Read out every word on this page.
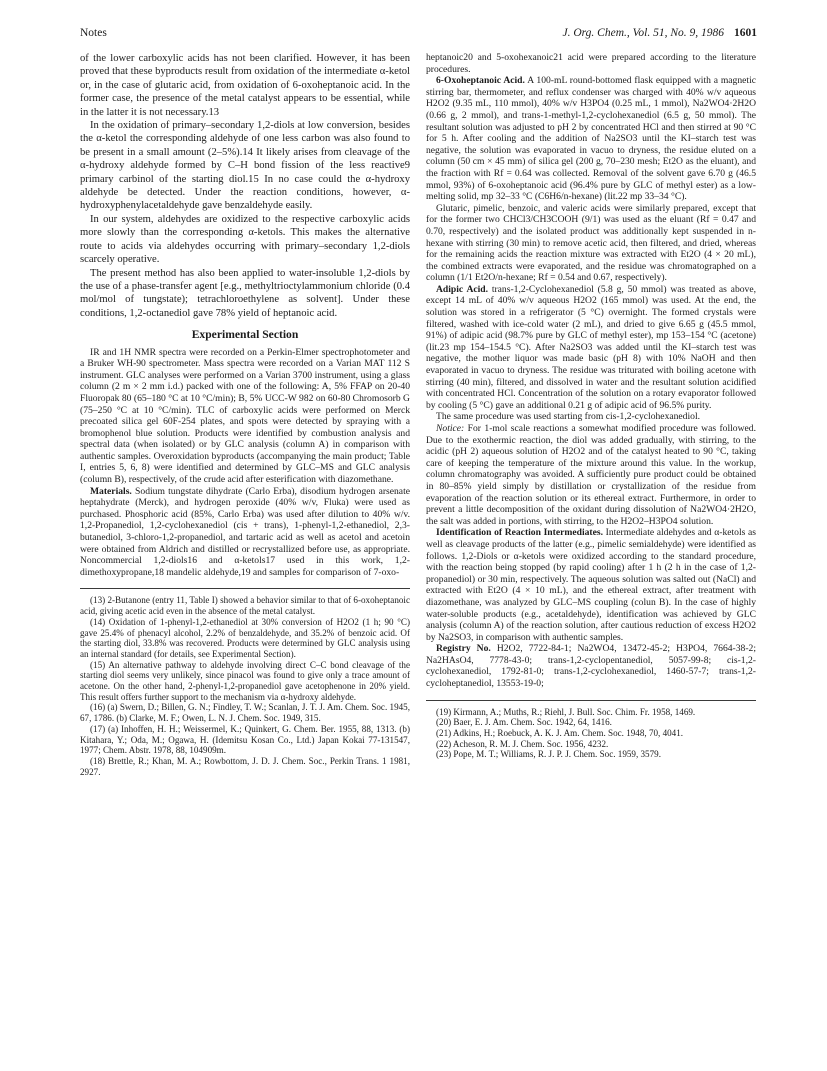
Notes	J. Org. Chem., Vol. 51, No. 9, 1986 1601

of the lower carboxylic acids has not been clarified. However, it has been proved that these byproducts result from oxidation of the intermediate α-ketol or, in the case of glutaric acid, from oxidation of 6-oxoheptanoic acid. In the former case, the presence of the metal catalyst appears to be essential, while in the latter it is not necessary.13

In the oxidation of primary–secondary 1,2-diols at low conversion, besides the α-ketol the corresponding aldehyde of one less carbon was also found to be present in a small amount (2–5%).14 It likely arises from cleavage of the α-hydroxy aldehyde formed by C–H bond fission of the less reactive9 primary carbinol of the starting diol.15 In no case could the α-hydroxy aldehyde be detected. Under the reaction conditions, however, α-hydroxyphenylacetaldehyde gave benzaldehyde easily.

In our system, aldehydes are oxidized to the respective carboxylic acids more slowly than the corresponding α-ketols. This makes the alternative route to acids via aldehydes occurring with primary–secondary 1,2-diols scarcely operative.

The present method has also been applied to water-insoluble 1,2-diols by the use of a phase-transfer agent [e.g., methyltrioctylammonium chloride (0.4 mol/mol of tungstate); tetrachloroethylene as solvent]. Under these conditions, 1,2-octanediol gave 78% yield of heptanoic acid.

Experimental Section

IR and 1H NMR spectra were recorded on a Perkin-Elmer spectrophotometer and a Bruker WH-90 spectrometer. Mass spectra were recorded on a Varian MAT 112 S instrument. GLC analyses were performed on a Varian 3700 instrument, using a glass column (2 m × 2 mm i.d.) packed with one of the following: A, 5% FFAP on 20-40 Fluoropak 80 (65–180 °C at 10 °C/min); B, 5% UCC-W 982 on 60-80 Chromosorb G (75–250 °C at 10 °C/min). TLC of carboxylic acids were performed on Merck precoated silica gel 60F-254 plates, and spots were detected by spraying with a bromophenol blue solution. Products were identified by combustion analysis and spectral data (when isolated) or by GLC analysis (column A) in comparison with authentic samples. Overoxidation byproducts (accompanying the main product; Table I, entries 5, 6, 8) were identified and determined by GLC–MS and GLC analysis (column B), respectively, of the crude acid after esterification with diazomethane.

Materials. Sodium tungstate dihydrate (Carlo Erba), disodium hydrogen arsenate heptahydrate (Merck), and hydrogen peroxide (40% w/v, Fluka) were used as purchased. Phosphoric acid (85%, Carlo Erba) was used after dilution to 40% w/v. 1,2-Propanediol, 1,2-cyclohexanediol (cis + trans), 1-phenyl-1,2-ethanediol, 2,3-butanediol, 3-chloro-1,2-propanediol, and tartaric acid as well as acetol and acetoin were obtained from Aldrich and distilled or recrystallized before use, as appropriate. Noncommercial 1,2-diols16 and α-ketols17 used in this work, 1,2-dimethoxypropane,18 mandelic aldehyde,19 and samples for comparison of 7-oxo-

(13) 2-Butanone (entry 11, Table I) showed a behavior similar to that of 6-oxoheptanoic acid, giving acetic acid even in the absence of the metal catalyst.

(14) Oxidation of 1-phenyl-1,2-ethanediol at 30% conversion of H2O2 (1 h; 90 °C) gave 25.4% of phenacyl alcohol, 2.2% of benzaldehyde, and 35.2% of benzoic acid. Of the starting diol, 33.8% was recovered. Products were determined by GLC analysis using an internal standard (for details, see Experimental Section).

(15) An alternative pathway to aldehyde involving direct C–C bond cleavage of the starting diol seems very unlikely, since pinacol was found to give only a trace amount of acetone. On the other hand, 2-phenyl-1,2-propanediol gave acetophenone in 20% yield. This result offers further support to the mechanism via α-hydroxy aldehyde.

(16) (a) Swern, D.; Billen, G. N.; Findley, T. W.; Scanlan, J. T. J. Am. Chem. Soc. 1945, 67, 1786. (b) Clarke, M. F.; Owen, L. N. J. Chem. Soc. 1949, 315.

(17) (a) Inhoffen, H. H.; Weissermel, K.; Quinkert, G. Chem. Ber. 1955, 88, 1313. (b) Kitahara, Y.; Oda, M.; Ogawa, H. (Idemitsu Kosan Co., Ltd.) Japan Kokai 77-131547, 1977; Chem. Abstr. 1978, 88, 104909m.

(18) Brettle, R.; Khan, M. A.; Rowbottom, J. D. J. Chem. Soc., Perkin Trans. 1 1981, 2927.

heptanoic20 and 5-oxohexanoic21 acid were prepared according to the literature procedures.

6-Oxoheptanoic Acid. A 100-mL round-bottomed flask equipped with a magnetic stirring bar, thermometer, and reflux condenser was charged with 40% w/v aqueous H2O2 (9.35 mL, 110 mmol), 40% w/v H3PO4 (0.25 mL, 1 mmol), Na2WO4·2H2O (0.66 g, 2 mmol), and trans-1-methyl-1,2-cyclohexanediol (6.5 g, 50 mmol). The resultant solution was adjusted to pH 2 by concentrated HCl and then stirred at 90 °C for 5 h. After cooling and the addition of Na2SO3 until the KI–starch test was negative, the solution was evaporated in vacuo to dryness, the residue eluted on a column (50 cm × 45 mm) of silica gel (200 g, 70–230 mesh; Et2O as the eluant), and the fraction with Rf = 0.64 was collected. Removal of the solvent gave 6.70 g (46.5 mmol, 93%) of 6-oxoheptanoic acid (96.4% pure by GLC of methyl ester) as a low-melting solid, mp 32–33 °C (C6H6/n-hexane) (lit.22 mp 33–34 °C).

Glutaric, pimelic, benzoic, and valeric acids were similarly prepared, except that for the former two CHCl3/CH3COOH (9/1) was used as the eluant (Rf = 0.47 and 0.70, respectively) and the isolated product was additionally kept suspended in n-hexane with stirring (30 min) to remove acetic acid, then filtered, and dried, whereas for the remaining acids the reaction mixture was extracted with Et2O (4 × 20 mL), the combined extracts were evaporated, and the residue was chromatographed on a column (1/1 Et2O/n-hexane; Rf = 0.54 and 0.67, respectively).

Adipic Acid. trans-1,2-Cyclohexanediol (5.8 g, 50 mmol) was treated as above, except 14 mL of 40% w/v aqueous H2O2 (165 mmol) was used. At the end, the solution was stored in a refrigerator (5 °C) overnight. The formed crystals were filtered, washed with ice-cold water (2 mL), and dried to give 6.65 g (45.5 mmol, 91%) of adipic acid (98.7% pure by GLC of methyl ester), mp 153–154 °C (acetone) (lit.23 mp 154–154.5 °C). After Na2SO3 was added until the KI–starch test was negative, the mother liquor was made basic (pH 8) with 10% NaOH and then evaporated in vacuo to dryness. The residue was triturated with boiling acetone with stirring (40 min), filtered, and dissolved in water and the resultant solution acidified with concentrated HCl. Concentration of the solution on a rotary evaporator followed by cooling (5 °C) gave an additional 0.21 g of adipic acid of 96.5% purity.

The same procedure was used starting from cis-1,2-cyclohexanediol.

Notice: For 1-mol scale reactions a somewhat modified procedure was followed. Due to the exothermic reaction, the diol was added gradually, with stirring, to the acidic (pH 2) aqueous solution of H2O2 and of the catalyst heated to 90 °C, taking care of keeping the temperature of the mixture around this value. In the workup, column chromatography was avoided. A sufficiently pure product could be obtained in 80–85% yield simply by distillation or crystallization of the residue from evaporation of the reaction solution or its ethereal extract. Furthermore, in order to prevent a little decomposition of the oxidant during dissolution of Na2WO4·2H2O, the salt was added in portions, with stirring, to the H2O2–H3PO4 solution.

Identification of Reaction Intermediates. Intermediate aldehydes and α-ketols as well as cleavage products of the latter (e.g., pimelic semialdehyde) were identified as follows. 1,2-Diols or α-ketols were oxidized according to the standard procedure, with the reaction being stopped (by rapid cooling) after 1 h (2 h in the case of 1,2-propanediol) or 30 min, respectively. The aqueous solution was salted out (NaCl) and extracted with Et2O (4 × 10 mL), and the ethereal extract, after treatment with diazomethane, was analyzed by GLC–MS coupling (colun B). In the case of highly water-soluble products (e.g., acetaldehyde), identification was achieved by GLC analysis (column A) of the reaction solution, after cautious reduction of excess H2O2 by Na2SO3, in comparison with authentic samples.

Registry No. H2O2, 7722-84-1; Na2WO4, 13472-45-2; H3PO4, 7664-38-2; Na2HAsO4, 7778-43-0; trans-1,2-cyclopentanediol, 5057-99-8; cis-1,2-cyclohexanediol, 1792-81-0; trans-1,2-cyclohexanediol, 1460-57-7; trans-1,2-cycloheptanediol, 13553-19-0;

(19) Kirmann, A.; Muths, R.; Riehl, J. Bull. Soc. Chim. Fr. 1958, 1469.

(20) Baer, E. J. Am. Chem. Soc. 1942, 64, 1416.

(21) Adkins, H.; Roebuck, A. K. J. Am. Chem. Soc. 1948, 70, 4041.

(22) Acheson, R. M. J. Chem. Soc. 1956, 4232.

(23) Pope, M. T.; Williams, R. J. P. J. Chem. Soc. 1959, 3579.
